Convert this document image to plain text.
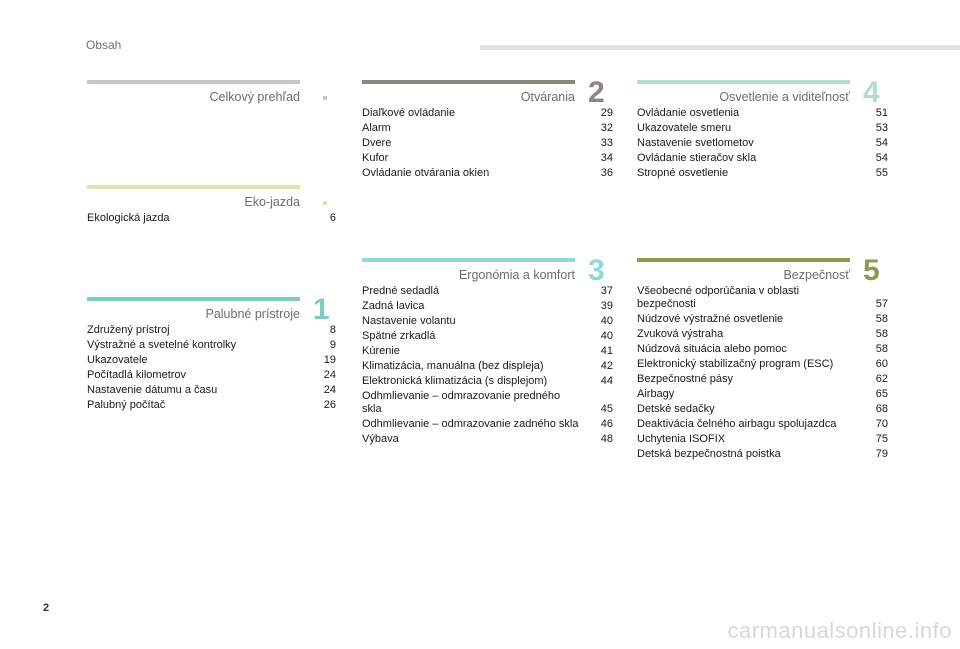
Obsah
Celkový prehľad
Eko-jazda
Ekologická jazda	6
Palubné prístroje 1
Združený prístroj	8
Výstražné a svetelné kontrolky	9
Ukazovatele	19
Počítadlá kilometrov	24
Nastavenie dátumu a času	24
Palubný počítač	26
Otvárania 2
Diaľkové ovládanie	29
Alarm	32
Dvere	33
Kufor	34
Ovládanie otvárania okien	36
Ergonómia a komfort 3
Predné sedadlá	37
Zadná lavica	39
Nastavenie volantu	40
Spätné zrkadlá	40
Kúrenie	41
Klimatizácia, manuálna (bez displeja)	42
Elektronická klimatizácia (s displejom)	44
Odhmlievanie – odmrazovanie predného skla	45
Odhmlievanie – odmrazovanie zadného skla	46
Výbava	48
Osvetlenie a viditeľnosť 4
Ovládanie osvetlenia	51
Ukazovatele smeru	53
Nastavenie svetlometov	54
Ovládanie stieračov skla	54
Stropné osvetlenie	55
Bezpečnosť 5
Všeobecné odporúčania v oblasti bezpečnosti	57
Núdzové výstražné osvetlenie	58
Zvuková výstraha	58
Núdzová situácia alebo pomoc	58
Elektronický stabilizačný program (ESC)	60
Bezpečnostné pásy	62
Airbagy	65
Detské sedačky	68
Deaktivácia čelného airbagu spolujazdca	70
Uchytenia ISOFIX	75
Detská bezpečnostná poistka	79
2
carmanualsonline.info
